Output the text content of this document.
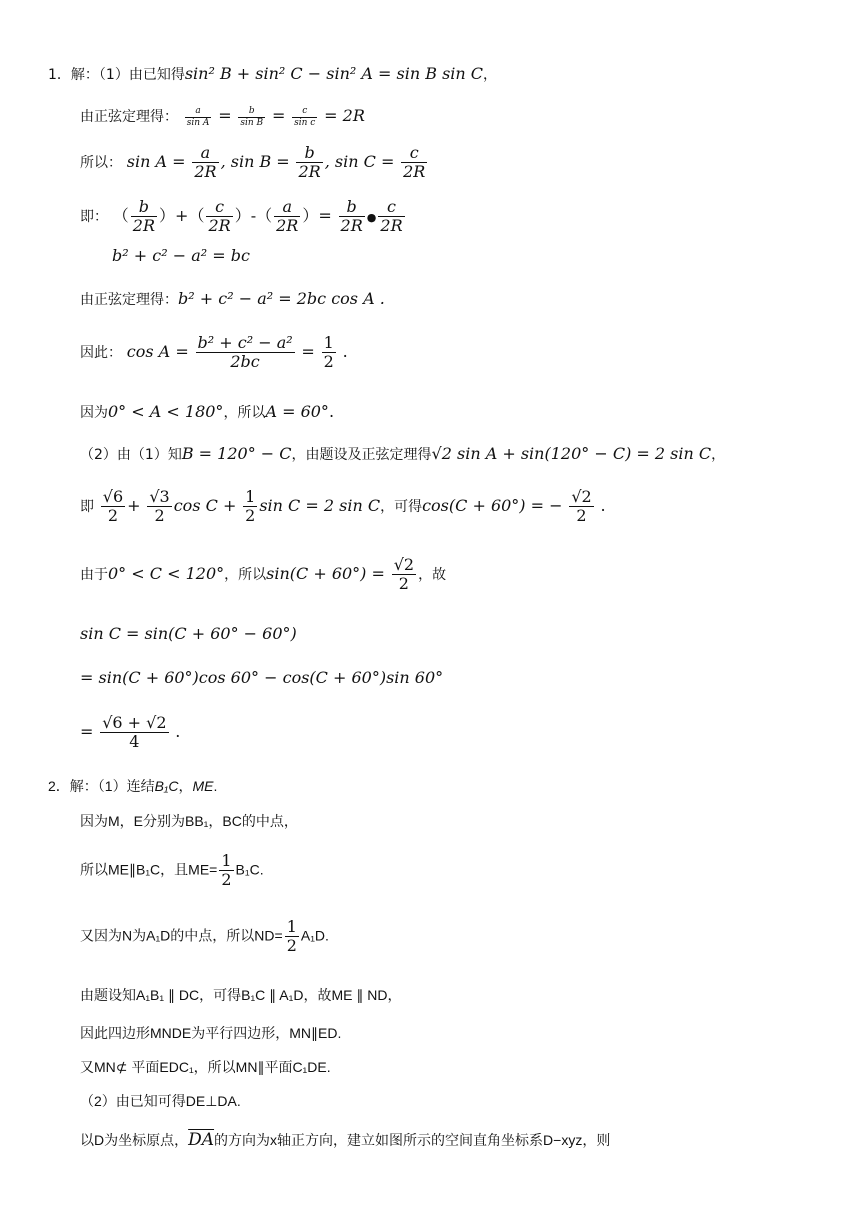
1．解：（1）由已知得sin² B + sin² C − sin² A = sin B sin C，
由正弦定理得： $\frac{a}{\text{sin A}} = \frac{b}{\text{sin B}} = \frac{c}{\text{sin c}} = 2R$
所以： $\sin A = \frac{a}{2R}$ , $\sin B = \frac{b}{2R}$ , $\sin C = \frac{c}{2R}$
即： （ $\frac{b}{2R}$ ）+（ $\frac{c}{2R}$ ）-（ $\frac{a}{2R}$ ）= $\frac{b}{2R}$ ● $\frac{c}{2R}$
b² + c² − a² = bc
由正弦定理得：b² + c² − a² = 2bc cos A .
因此： $\cos A = \frac{\text{b² + c² − a²}}{2bc} = \frac{1}{2}$ .
因为0° < A < 180°，所以A = 60°.
（2）由（1）知B = 120° − C，由题设及正弦定理得√2 sin A + sin(120° − C) = 2 sin C，
即 $\frac{√6}{2} + \frac{√3}{2}$ $\cos C + \frac{1}{2}$ sin C = 2 sin C，可得cos(C + 60°) = − $\frac{√2}{2}$ .
由于0° < C < 120°，所以$\sin(C + 60^\circ) = \frac{√2}{2}$ ，故
sin C = sin(C + 60° − 60°)
= sin(C + 60°)cos 60° − cos(C + 60°)sin 60°
= $\frac{√6 + √2}{4}$ .
2．解：（1）连结B₁C，ME.
因为M，E分别为BB₁，BC的中点，
所以ME∥B₁C，且$ME= \frac{1}{2} B_1C$.
又因为N为A₁D的中点，所以$ND= \frac{1}{2} A_1D$.
由题设知A₁B₁ ∥ DC，可得B₁C ∥ A₁D，故ME ∥ ND，
因此四边形MNDE为平行四边形，MN∥ED.
又MN⊄ 平面EDC₁，所以MN∥平面C₁DE.
（2）由已知可得DE⊥DA.
以D为坐标原点，$\overline{DA}$的方向为x轴正方向，建立如图所示的空间直角坐标系D−xyz，则
